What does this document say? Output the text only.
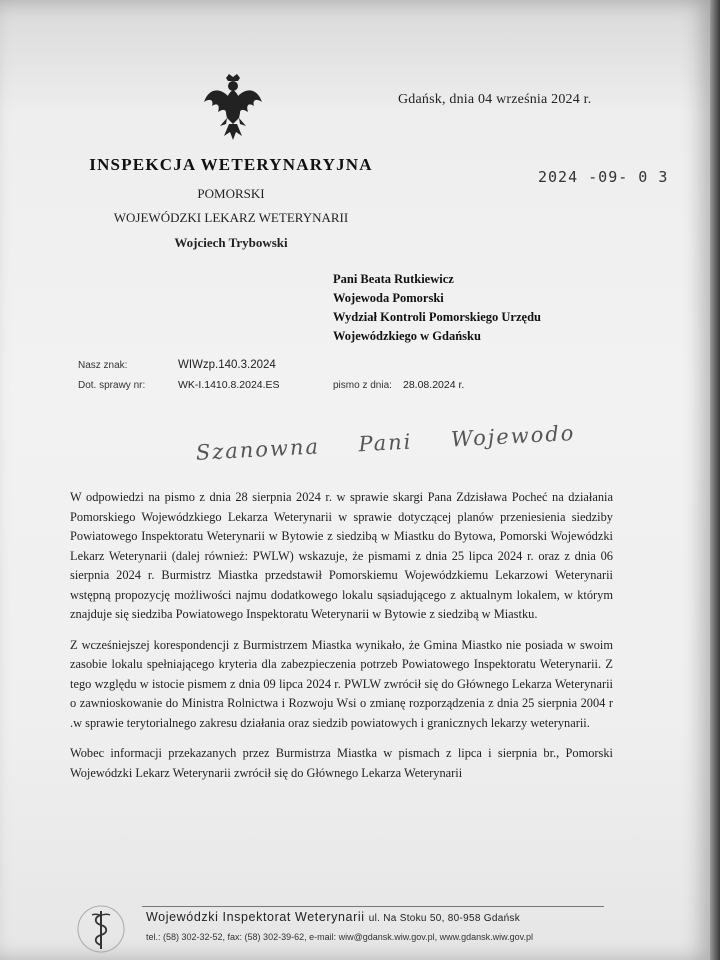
INSPEKCJA WETERYNARYJNA
POMORSKI
WOJEWÓDZKI LEKARZ WETERYNARII
Wojciech Trybowski
Gdańsk, dnia 04 września 2024 r.
2024 -09- 0 3
Pani Beata Rutkiewicz
Wojewoda Pomorski
Wydział Kontroli Pomorskiego Urzędu
Wojewódzkiego w Gdańsku
Nasz znak:	WIWzp.140.3.2024
Dot. sprawy nr:	WK-I.1410.8.2024.ES	pismo z dnia: 28.08.2024 r.
Szanowna Pani Wojewodo

W odpowiedzi na pismo z dnia 28 sierpnia 2024 r. w sprawie skargi Pana Zdzisława Pocheć na działania Pomorskiego Wojewódzkiego Lekarza Weterynarii w sprawie dotyczącej planów przeniesienia siedziby Powiatowego Inspektoratu Weterynarii w Bytowie z siedzibą w Miastku do Bytowa, Pomorski Wojewódzki Lekarz Weterynarii (dalej również: PWLW) wskazuje, że pismami z dnia 25 lipca 2024 r. oraz z dnia 06 sierpnia 2024 r. Burmistrz Miastka przedstawił Pomorskiemu Wojewódzkiemu Lekarzowi Weterynarii wstępną propozycję możliwości najmu dodatkowego lokalu sąsiadującego z aktualnym lokalem, w którym znajduje się siedziba Powiatowego Inspektoratu Weterynarii w Bytowie z siedzibą w Miastku.

Z wcześniejszej korespondencji z Burmistrzem Miastka wynikało, że Gmina Miastko nie posiada w swoim zasobie lokalu spełniającego kryteria dla zabezpieczenia potrzeb Powiatowego Inspektoratu Weterynarii. Z tego względu w istocie pismem z dnia 09 lipca 2024 r. PWLW zwrócił się do Głównego Lekarza Weterynarii o zawnioskowanie do Ministra Rolnictwa i Rozwoju Wsi o zmianę rozporządzenia z dnia 25 sierpnia 2004 r .w sprawie terytorialnego zakresu działania oraz siedzib powiatowych i granicznych lekarzy weterynarii.

Wobec informacji przekazanych przez Burmistrza Miastka w pismach z lipca i sierpnia br., Pomorski Wojewódzki Lekarz Weterynarii zwrócił się do Głównego Lekarza Weterynarii

Wojewódzki Inspektorat Weterynarii ul. Na Stoku 50, 80-958 Gdańsk
tel.: (58) 302-32-52, fax: (58) 302-39-62, e-mail: wiw@gdansk.wiw.gov.pl, www.gdansk.wiw.gov.pl
